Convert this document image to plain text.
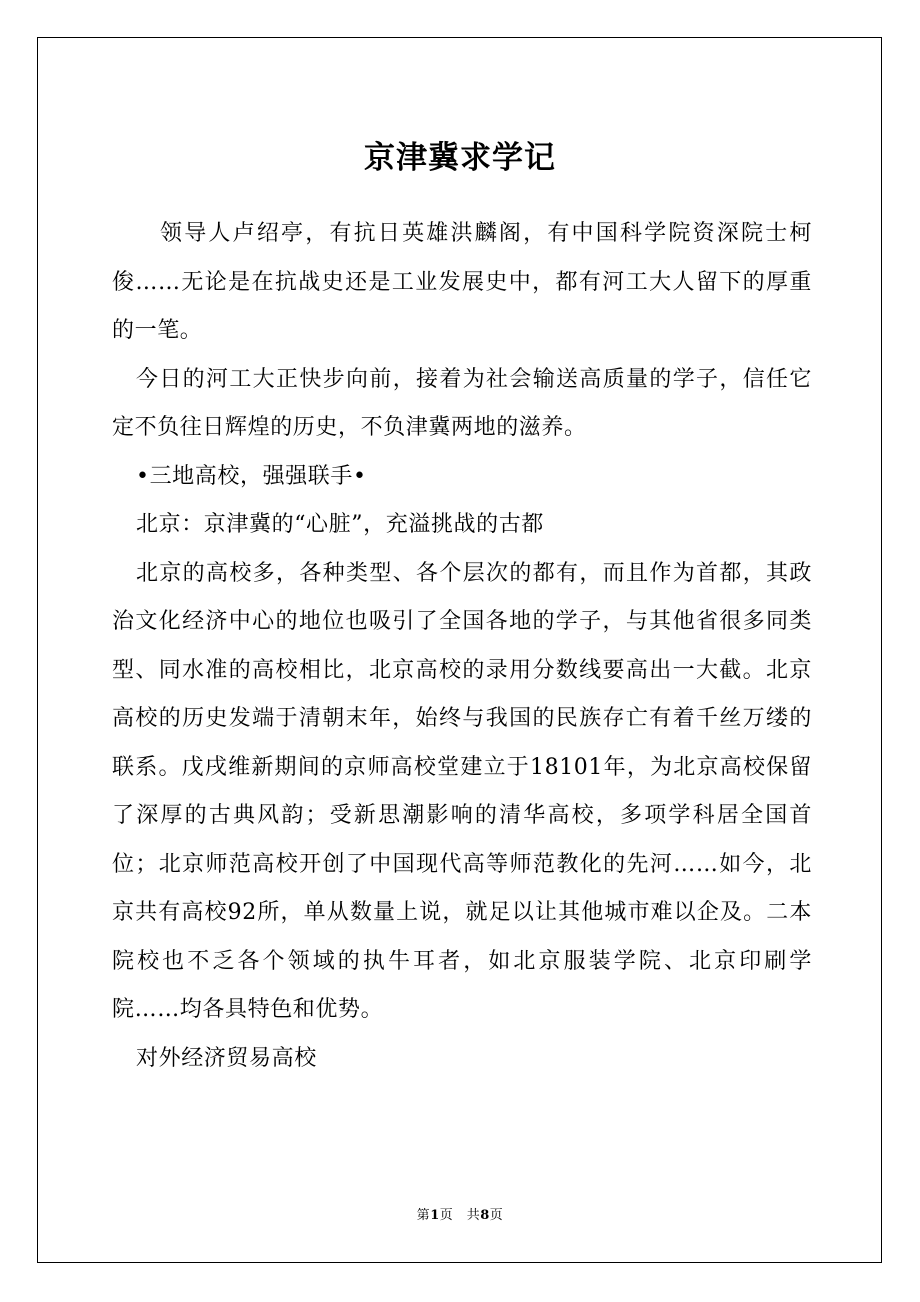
京津冀求学记

领导人卢绍亭，有抗日英雄洪麟阁，有中国科学院资深院士柯俊……无论是在抗战史还是工业发展史中，都有河工大人留下的厚重的一笔。

今日的河工大正快步向前，接着为社会输送高质量的学子，信任它定不负往日辉煌的历史，不负津冀两地的滋养。

•三地高校，强强联手•

北京：京津冀的“心脏”，充溢挑战的古都

北京的高校多，各种类型、各个层次的都有，而且作为首都，其政治文化经济中心的地位也吸引了全国各地的学子，与其他省很多同类型、同水准的高校相比，北京高校的录用分数线要高出一大截。北京高校的历史发端于清朝末年，始终与我国的民族存亡有着千丝万缕的联系。戊戌维新期间的京师高校堂建立于18101年，为北京高校保留了深厚的古典风韵；受新思潮影响的清华高校，多项学科居全国首位；北京师范高校开创了中国现代高等师范教化的先河……如今，北京共有高校92所，单从数量上说，就足以让其他城市难以企及。二本院校也不乏各个领域的执牛耳者，如北京服装学院、北京印刷学院……均各具特色和优势。

对外经济贸易高校

第1页　共8页
